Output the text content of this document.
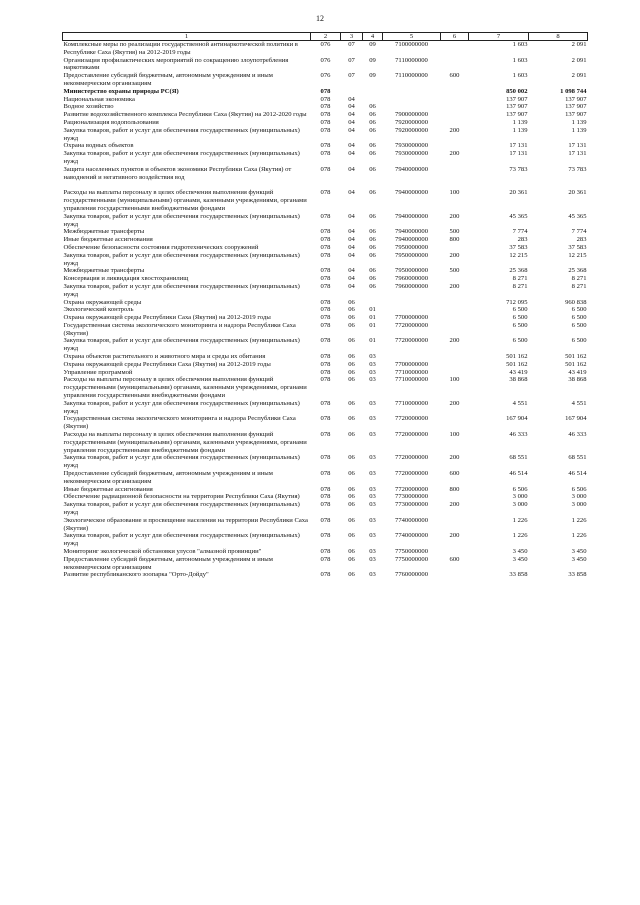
12
1	2	3	4	5	6	7	8
Комплексные меры по реализации государственной антинаркотической политики в Республике Саха (Якутия) на 2012-2019 годы	076	07	09	7100000000		1 603	2 091
Организация профилактических мероприятий по сокращению злоупотребления наркотиками	076	07	09	7110000000		1 603	2 091
Предоставление субсидий бюджетным, автономным учреждениям и иным некоммерческим организациям	076	07	09	7110000000	600	1 603	2 091
Министерство охраны природы РС(Я)	078					850 002	1 098 744
Национальная экономика	078	04				137 907	137 907
Водное хозяйство	078	04	06			137 907	137 907
Развитие водохозяйственного комплекса Республики Саха (Якутия) на 2012-2020 годы	078	04	06	7900000000		137 907	137 907
Рационализация водопользования	078	04	06	7920000000		1 139	1 139
Закупка товаров, работ и услуг для обеспечения государственных (муниципальных) нужд	078	04	06	7920000000	200	1 139	1 139
Охрана водных объектов	078	04	06	7930000000		17 131	17 131
Закупка товаров, работ и услуг для обеспечения государственных (муниципальных) нужд	078	04	06	7930000000	200	17 131	17 131
Защита населенных пунктов и объектов экономики Республики Саха (Якутия) от наводнений и негативного воздействия вод	078	04	06	7940000000		73 783	73 783
Расходы на выплаты персоналу в целях обеспечения выполнения функций государственными (муниципальными) органами, казенными учреждениями, органами управления государственными внебюджетными фондами	078	04	06	7940000000	100	20 361	20 361
Закупка товаров, работ и услуг для обеспечения государственных (муниципальных) нужд	078	04	06	7940000000	200	45 365	45 365
Межбюджетные трансферты	078	04	06	7940000000	500	7 774	7 774
Иные бюджетные ассигнования	078	04	06	7940000000	800	283	283
Обеспечение безопасности состояния гидротехнических сооружений	078	04	06	7950000000		37 583	37 583
Закупка товаров, работ и услуг для обеспечения государственных (муниципальных) нужд	078	04	06	7950000000	200	12 215	12 215
Межбюджетные трансферты	078	04	06	7950000000	500	25 368	25 368
Консервация и ликвидация хвостохранилищ	078	04	06	7960000000		8 271	8 271
Закупка товаров, работ и услуг для обеспечения государственных (муниципальных) нужд	078	04	06	7960000000	200	8 271	8 271
Охрана окружающей среды	078	06				712 095	960 838
Экологический контроль	078	06	01			6 500	6 500
Охрана окружающей среды Республики Саха (Якутия) на 2012-2019 годы	078	06	01	7700000000		6 500	6 500
Государственная система экологического мониторинга и надзора Республики Саха (Якутия)	078	06	01	7720000000		6 500	6 500
Закупка товаров, работ и услуг для обеспечения государственных (муниципальных) нужд	078	06	01	7720000000	200	6 500	6 500
Охрана объектов растительного и животного мира и среды их обитания	078	06	03			501 162	501 162
Охрана окружающей среды Республики Саха (Якутия) на 2012-2019 годы	078	06	03	7700000000		501 162	501 162
Управление программой	078	06	03	7710000000		43 419	43 419
Расходы на выплаты персоналу в целях обеспечения выполнения функций государственными (муниципальными) органами, казенными учреждениями, органами управления государственными внебюджетными фондами	078	06	03	7710000000	100	38 868	38 868
Закупка товаров, работ и услуг для обеспечения государственных (муниципальных) нужд	078	06	03	7710000000	200	4 551	4 551
Государственная система экологического мониторинга и надзора Республики Саха (Якутия)	078	06	03	7720000000		167 904	167 904
Расходы на выплаты персоналу в целях обеспечения выполнения функций государственными (муниципальными) органами, казенными учреждениями, органами управления государственными внебюджетными фондами	078	06	03	7720000000	100	46 333	46 333
Закупка товаров, работ и услуг для обеспечения государственных (муниципальных) нужд	078	06	03	7720000000	200	68 551	68 551
Предоставление субсидий бюджетным, автономным учреждениям и иным некоммерческим организациям	078	06	03	7720000000	600	46 514	46 514
Иные бюджетные ассигнования	078	06	03	7720000000	800	6 506	6 506
Обеспечение радиационной безопасности на территории Республики Саха (Якутия)	078	06	03	7730000000		3 000	3 000
Закупка товаров, работ и услуг для обеспечения государственных (муниципальных) нужд	078	06	03	7730000000	200	3 000	3 000
Экологическое образование и просвещение населения на территории Республики Саха (Якутия)	078	06	03	7740000000		1 226	1 226
Закупка товаров, работ и услуг для обеспечения государственных (муниципальных) нужд	078	06	03	7740000000	200	1 226	1 226
Мониторинг экологической обстановки улусов "алмазной провинции"	078	06	03	7750000000		3 450	3 450
Предоставление субсидий бюджетным, автономным учреждениям и иным некоммерческим организациям	078	06	03	7750000000	600	3 450	3 450
Развитие республиканского зоопарка "Орто-Дойду"	078	06	03	7760000000		33 858	33 858
